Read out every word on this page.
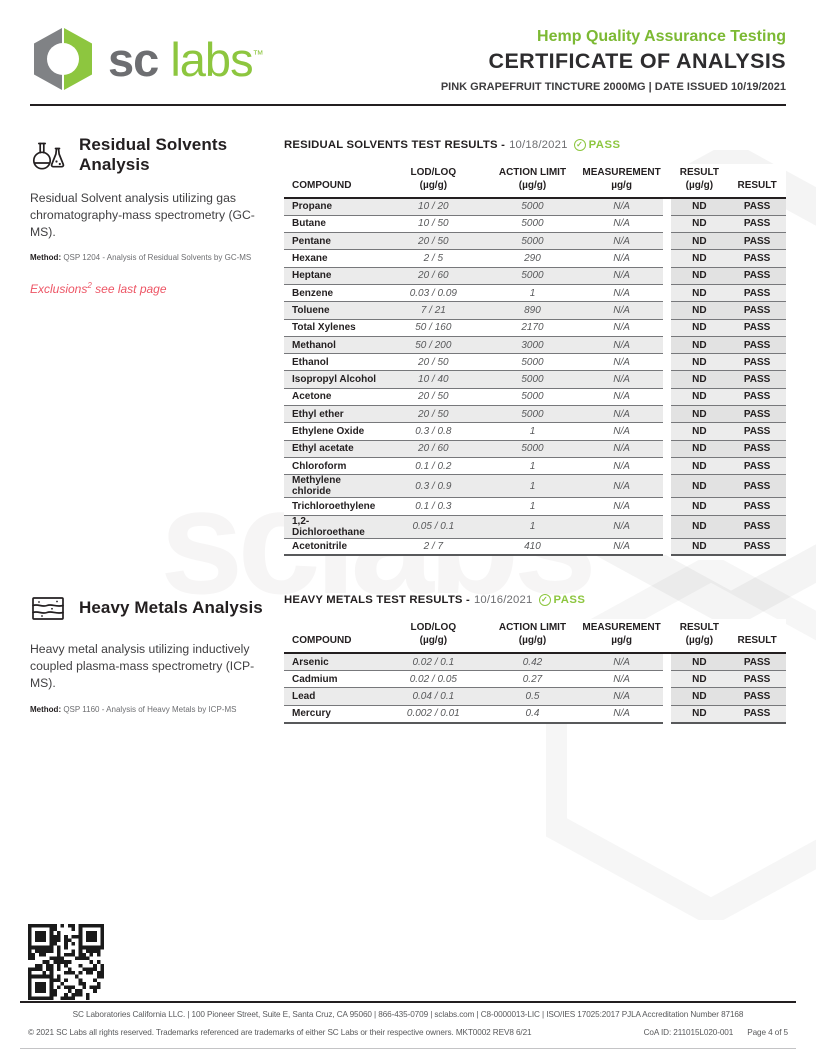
sc labs™
Hemp Quality Assurance Testing
CERTIFICATE OF ANALYSIS
PINK GRAPEFRUIT TINCTURE 2000MG | DATE ISSUED 10/19/2021
Residual Solvents Analysis
Residual Solvent analysis utilizing gas chromatography-mass spectrometry (GC-MS).
Method: QSP 1204 - Analysis of Residual Solvents by GC-MS
Exclusions$^2$ see last page
RESIDUAL SOLVENTS TEST RESULTS - 10/18/2021	✓ PASS
COMPOUND

LOD/LOQ
(µg/g)

ACTION LIMIT
(µg/g)

MEASUREMENT
µg/g

RESULT
(µg/g)	RESULT

Propane	10 / 20	5000	N/A		ND	PASS
Butane	10 / 50	5000	N/A		ND	PASS
Pentane	20 / 50	5000	N/A		ND	PASS
Hexane	2 / 5	290	N/A		ND	PASS
Heptane	20 / 60	5000	N/A		ND	PASS
Benzene	0.03 / 0.09	1	N/A		ND	PASS
Toluene	7 / 21	890	N/A		ND	PASS
Total Xylenes	50 / 160	2170	N/A		ND	PASS
Methanol	50 / 200	3000	N/A		ND	PASS
Ethanol	20 / 50	5000	N/A		ND	PASS
Isopropyl Alcohol	10 / 40	5000	N/A		ND	PASS
Acetone	20 / 50	5000	N/A		ND	PASS
Ethyl ether	20 / 50	5000	N/A		ND	PASS
Ethylene Oxide	0.3 / 0.8	1	N/A		ND	PASS
Ethyl acetate	20 / 60	5000	N/A		ND	PASS
Chloroform	0.1 / 0.2	1	N/A		ND	PASS
Methylene chloride	0.3 / 0.9	1	N/A		ND	PASS
Trichloroethylene	0.1 / 0.3	1	N/A		ND	PASS
1,2-Dichloroethane	0.05 / 0.1	1	N/A		ND	PASS
Acetonitrile	2 / 7	410	N/A		ND	PASS
Heavy Metals Analysis
Heavy metal analysis utilizing inductively coupled plasma-mass spectrometry (ICP-MS).
Method: QSP 1160 - Analysis of Heavy Metals by ICP-MS
HEAVY METALS TEST RESULTS - 10/16/2021	✓ PASS
COMPOUND

LOD/LOQ
(µg/g)

ACTION LIMIT
(µg/g)

MEASUREMENT
µg/g

RESULT
(µg/g)	RESULT

Arsenic	0.02 / 0.1	0.42	N/A		ND	PASS
Cadmium	0.02 / 0.05	0.27	N/A		ND	PASS
Lead	0.04 / 0.1	0.5	N/A		ND	PASS
Mercury	0.002 / 0.01	0.4	N/A		ND	PASS
SC Laboratories California LLC. | 100 Pioneer Street, Suite E, Santa Cruz, CA 95060 | 866-435-0709 | sclabs.com | C8-0000013-LIC | ISO/IES 17025:2017 PJLA Accreditation Number 87168
© 2021 SC Labs all rights reserved. Trademarks referenced are trademarks of either SC Labs or their respective owners. MKT0002 REV8 6/21	CoA ID: 211015L020-001 Page 4 of 5
